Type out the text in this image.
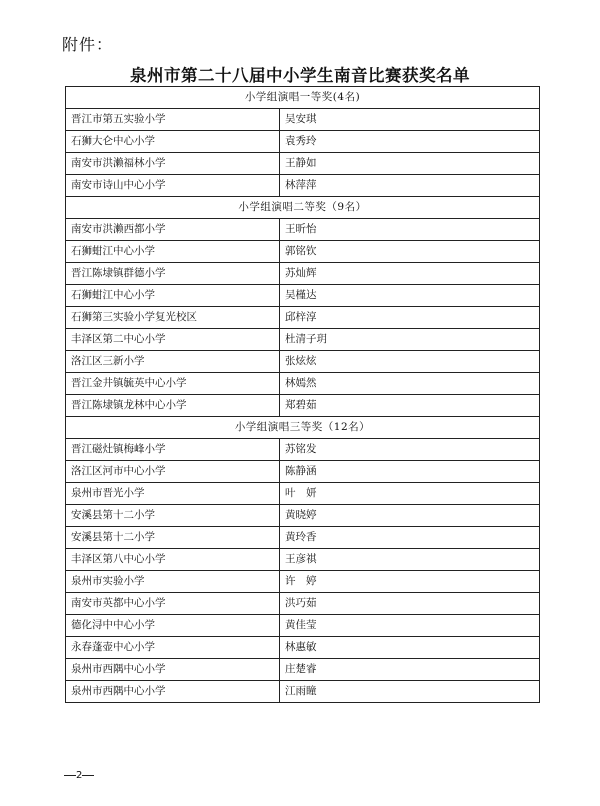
附件：
泉州市第二十八届中小学生南音比赛获奖名单
小学组演唱一等奖(4名)	
晋江市第五实验小学	吴安琪
石狮大仑中心小学	袁秀玲
南安市洪濑福林小学	王静如
南安市诗山中心小学	林萍萍
小学组演唱二等奖（9名）	
南安市洪濑西都小学	王昕怡
石狮蚶江中心小学	郭铭钦
晋江陈埭镇群德小学	苏灿辉
石狮蚶江中心小学	吴槿达
石狮第三实验小学复光校区	邱梓淳
丰泽区第二中心小学	杜清子玥
洛江区三新小学	张炫炫
晋江金井镇毓英中心小学	林嫣然
晋江陈埭镇龙林中心小学	郑碧茹
小学组演唱三等奖（12名）	
晋江磁灶镇梅峰小学	苏铭发
洛江区河市中心小学	陈静涵
泉州市晋光小学	叶　妍
安溪县第十二小学	黄晓婷
安溪县第十二小学	黄玲香
丰泽区第八中心小学	王彦祺
泉州市实验小学	许　婷
南安市英都中心小学	洪巧茹
德化浔中中心小学	黄佳莹
永春蓬壶中心小学	林惠敏
泉州市西隅中心小学	庄楚睿
泉州市西隅中心小学	江雨瞳
2
